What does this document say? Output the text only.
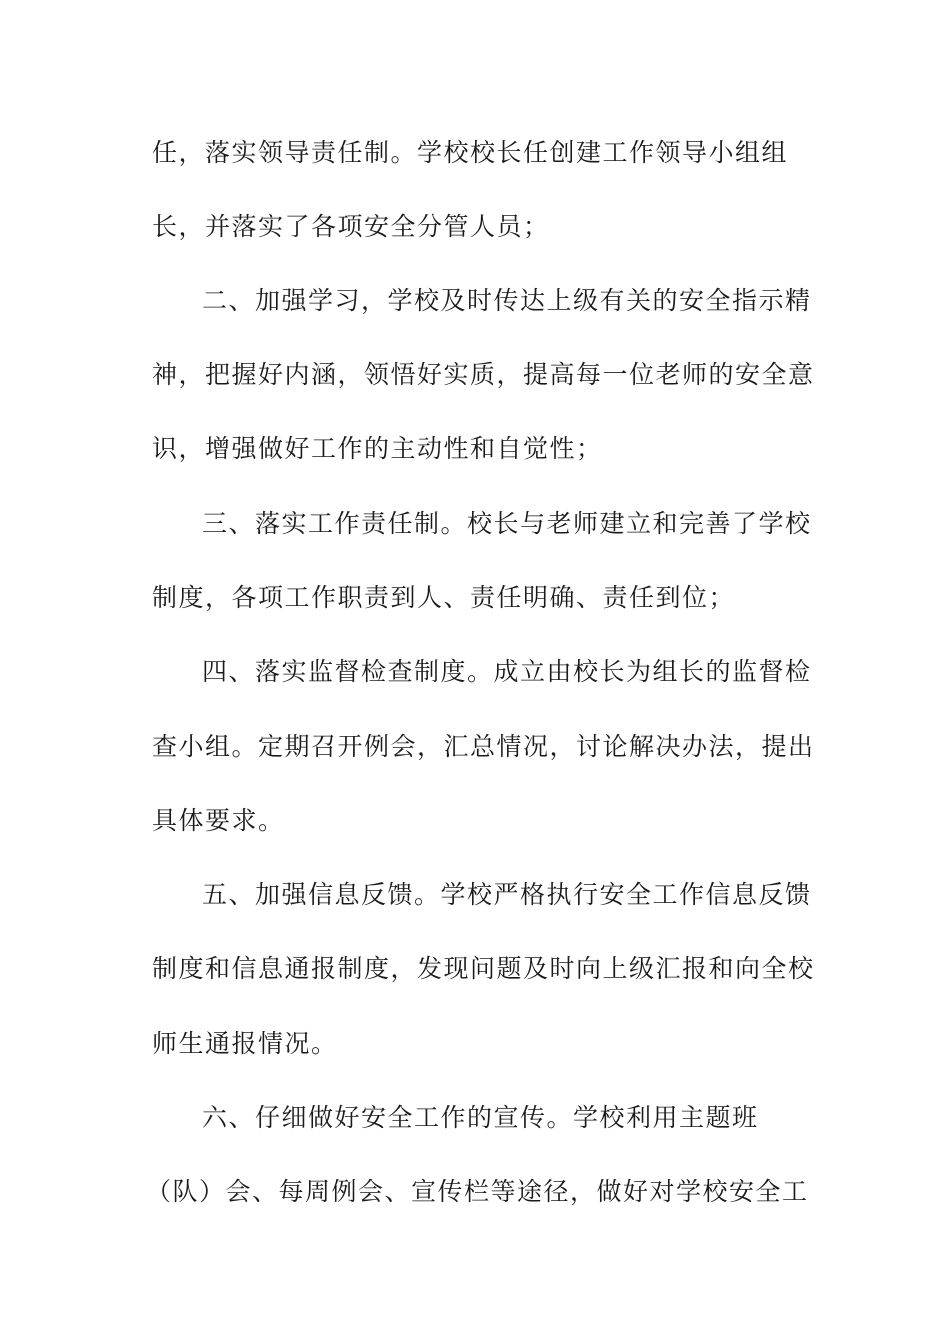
任，落实领导责任制。学校校长任创建工作领导小组组
长，并落实了各项安全分管人员；
二、加强学习，学校及时传达上级有关的安全指示精
神，把握好内涵，领悟好实质，提高每一位老师的安全意
识，增强做好工作的主动性和自觉性；
三、落实工作责任制。校长与老师建立和完善了学校
制度，各项工作职责到人、责任明确、责任到位；
四、落实监督检查制度。成立由校长为组长的监督检
查小组。定期召开例会，汇总情况，讨论解决办法，提出
具体要求。
五、加强信息反馈。学校严格执行安全工作信息反馈
制度和信息通报制度，发现问题及时向上级汇报和向全校
师生通报情况。
六、仔细做好安全工作的宣传。学校利用主题班
（队）会、每周例会、宣传栏等途径，做好对学校安全工
